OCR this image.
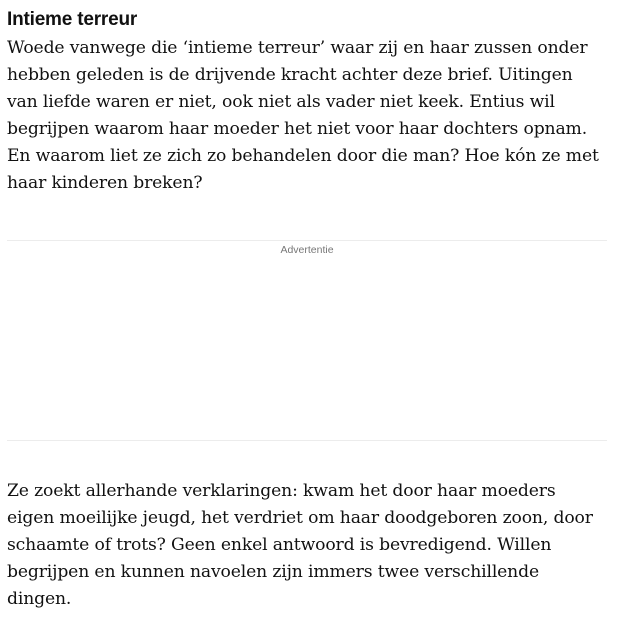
Intieme terreur

Woede vanwege die ‘intieme terreur’ waar zij en haar zussen onder hebben geleden is de drijvende kracht achter deze brief. Uitingen van liefde waren er niet, ook niet als vader niet keek. Entius wil begrijpen waarom haar moeder het niet voor haar dochters opnam. En waarom liet ze zich zo behandelen door die man? Hoe kón ze met haar kinderen breken?

Advertentie

Ze zoekt allerhande verklaringen: kwam het door haar moeders eigen moeilijke jeugd, het verdriet om haar doodgeboren zoon, door schaamte of trots? Geen enkel antwoord is bevredigend. Willen begrijpen en kunnen navoelen zijn immers twee verschillende dingen.
